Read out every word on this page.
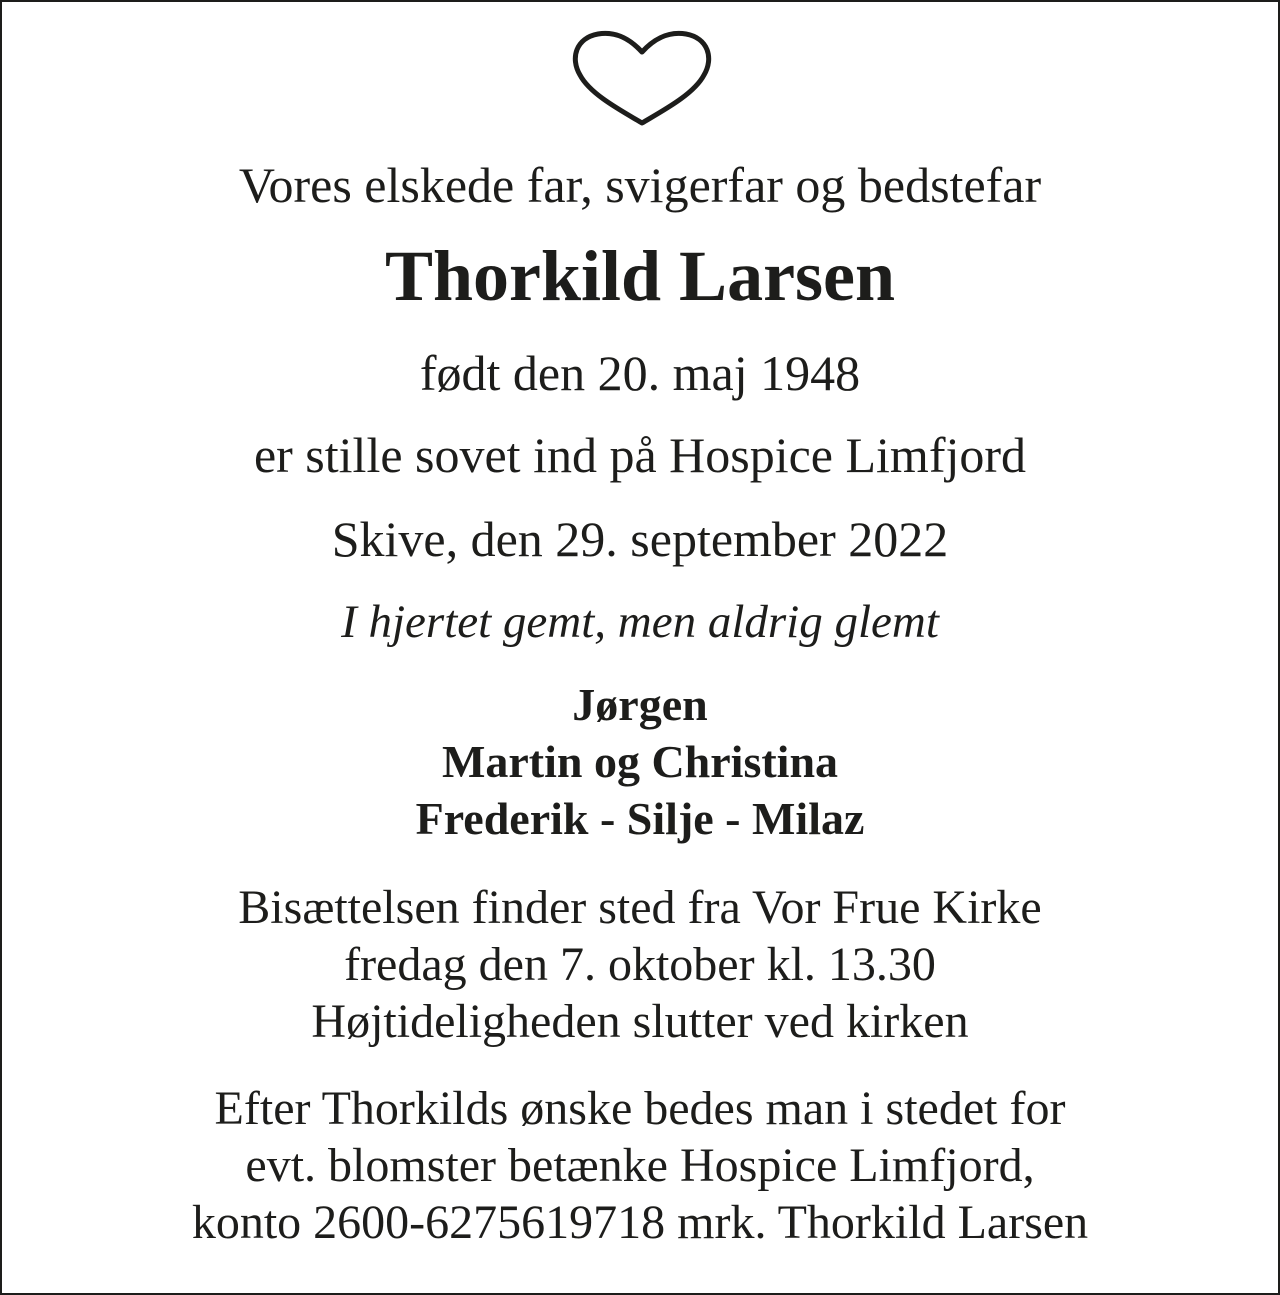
Vores elskede far, svigerfar og bedstefar

Thorkild Larsen

født den 20. maj 1948

er stille sovet ind på Hospice Limfjord

Skive, den 29. september 2022

I hjertet gemt, men aldrig glemt

Jørgen
Martin og Christina
Frederik - Silje - Milaz
Bisættelsen finder sted fra Vor Frue Kirke
fredag den 7. oktober kl. 13.30
Højtideligheden slutter ved kirken
Efter Thorkilds ønske bedes man i stedet for
evt. blomster betænke Hospice Limfjord,
konto 2600-6275619718 mrk. Thorkild Larsen
